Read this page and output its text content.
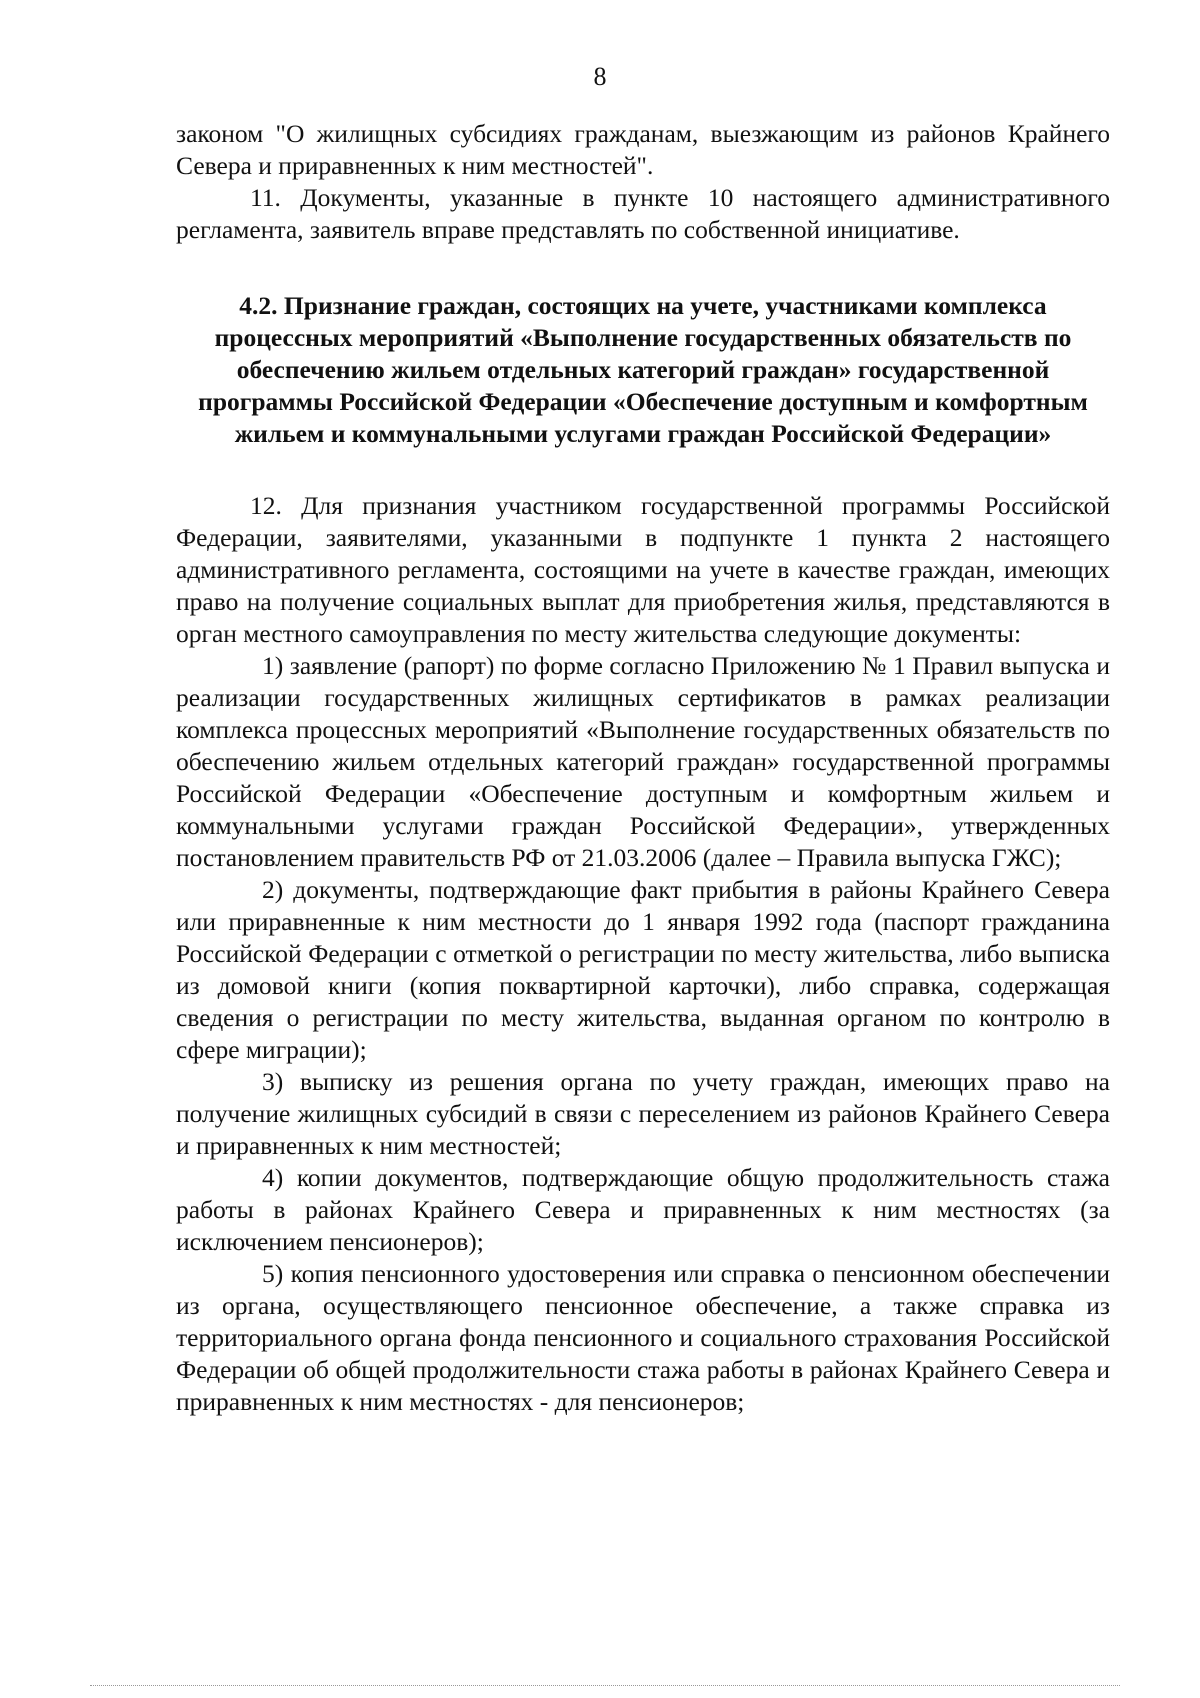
8

законом "О жилищных субсидиях гражданам, выезжающим из районов Крайнего Севера и приравненных к ним местностей".

11. Документы, указанные в пункте 10 настоящего административного регламента, заявитель вправе представлять по собственной инициативе.

4.2. Признание граждан, состоящих на учете, участниками комплекса процессных мероприятий «Выполнение государственных обязательств по обеспечению жильем отдельных категорий граждан» государственной программы Российской Федерации «Обеспечение доступным и комфортным жильем и коммунальными услугами граждан Российской Федерации»

12. Для признания участником государственной программы Российской Федерации, заявителями, указанными в подпункте 1 пункта 2 настоящего административного регламента, состоящими на учете в качестве граждан, имеющих право на получение социальных выплат для приобретения жилья, представляются в орган местного самоуправления по месту жительства следующие документы:

1) заявление (рапорт) по форме согласно Приложению № 1 Правил выпуска и реализации государственных жилищных сертификатов в рамках реализации комплекса процессных мероприятий «Выполнение государственных обязательств по обеспечению жильем отдельных категорий граждан» государственной программы Российской Федерации «Обеспечение доступным и комфортным жильем и коммунальными услугами граждан Российской Федерации», утвержденных постановлением правительств РФ от 21.03.2006 (далее – Правила выпуска ГЖС);

2) документы, подтверждающие факт прибытия в районы Крайнего Севера или приравненные к ним местности до 1 января 1992 года (паспорт гражданина Российской Федерации с отметкой о регистрации по месту жительства, либо выписка из домовой книги (копия поквартирной карточки), либо справка, содержащая сведения о регистрации по месту жительства, выданная органом по контролю в сфере миграции);

3) выписку из решения органа по учету граждан, имеющих право на получение жилищных субсидий в связи с переселением из районов Крайнего Севера и приравненных к ним местностей;

4) копии документов, подтверждающие общую продолжительность стажа работы в районах Крайнего Севера и приравненных к ним местностях (за исключением пенсионеров);

5) копия пенсионного удостоверения или справка о пенсионном обеспечении из органа, осуществляющего пенсионное обеспечение, а также справка из территориального органа фонда пенсионного и социального страхования Российской Федерации об общей продолжительности стажа работы в районах Крайнего Севера и приравненных к ним местностях - для пенсионеров;
